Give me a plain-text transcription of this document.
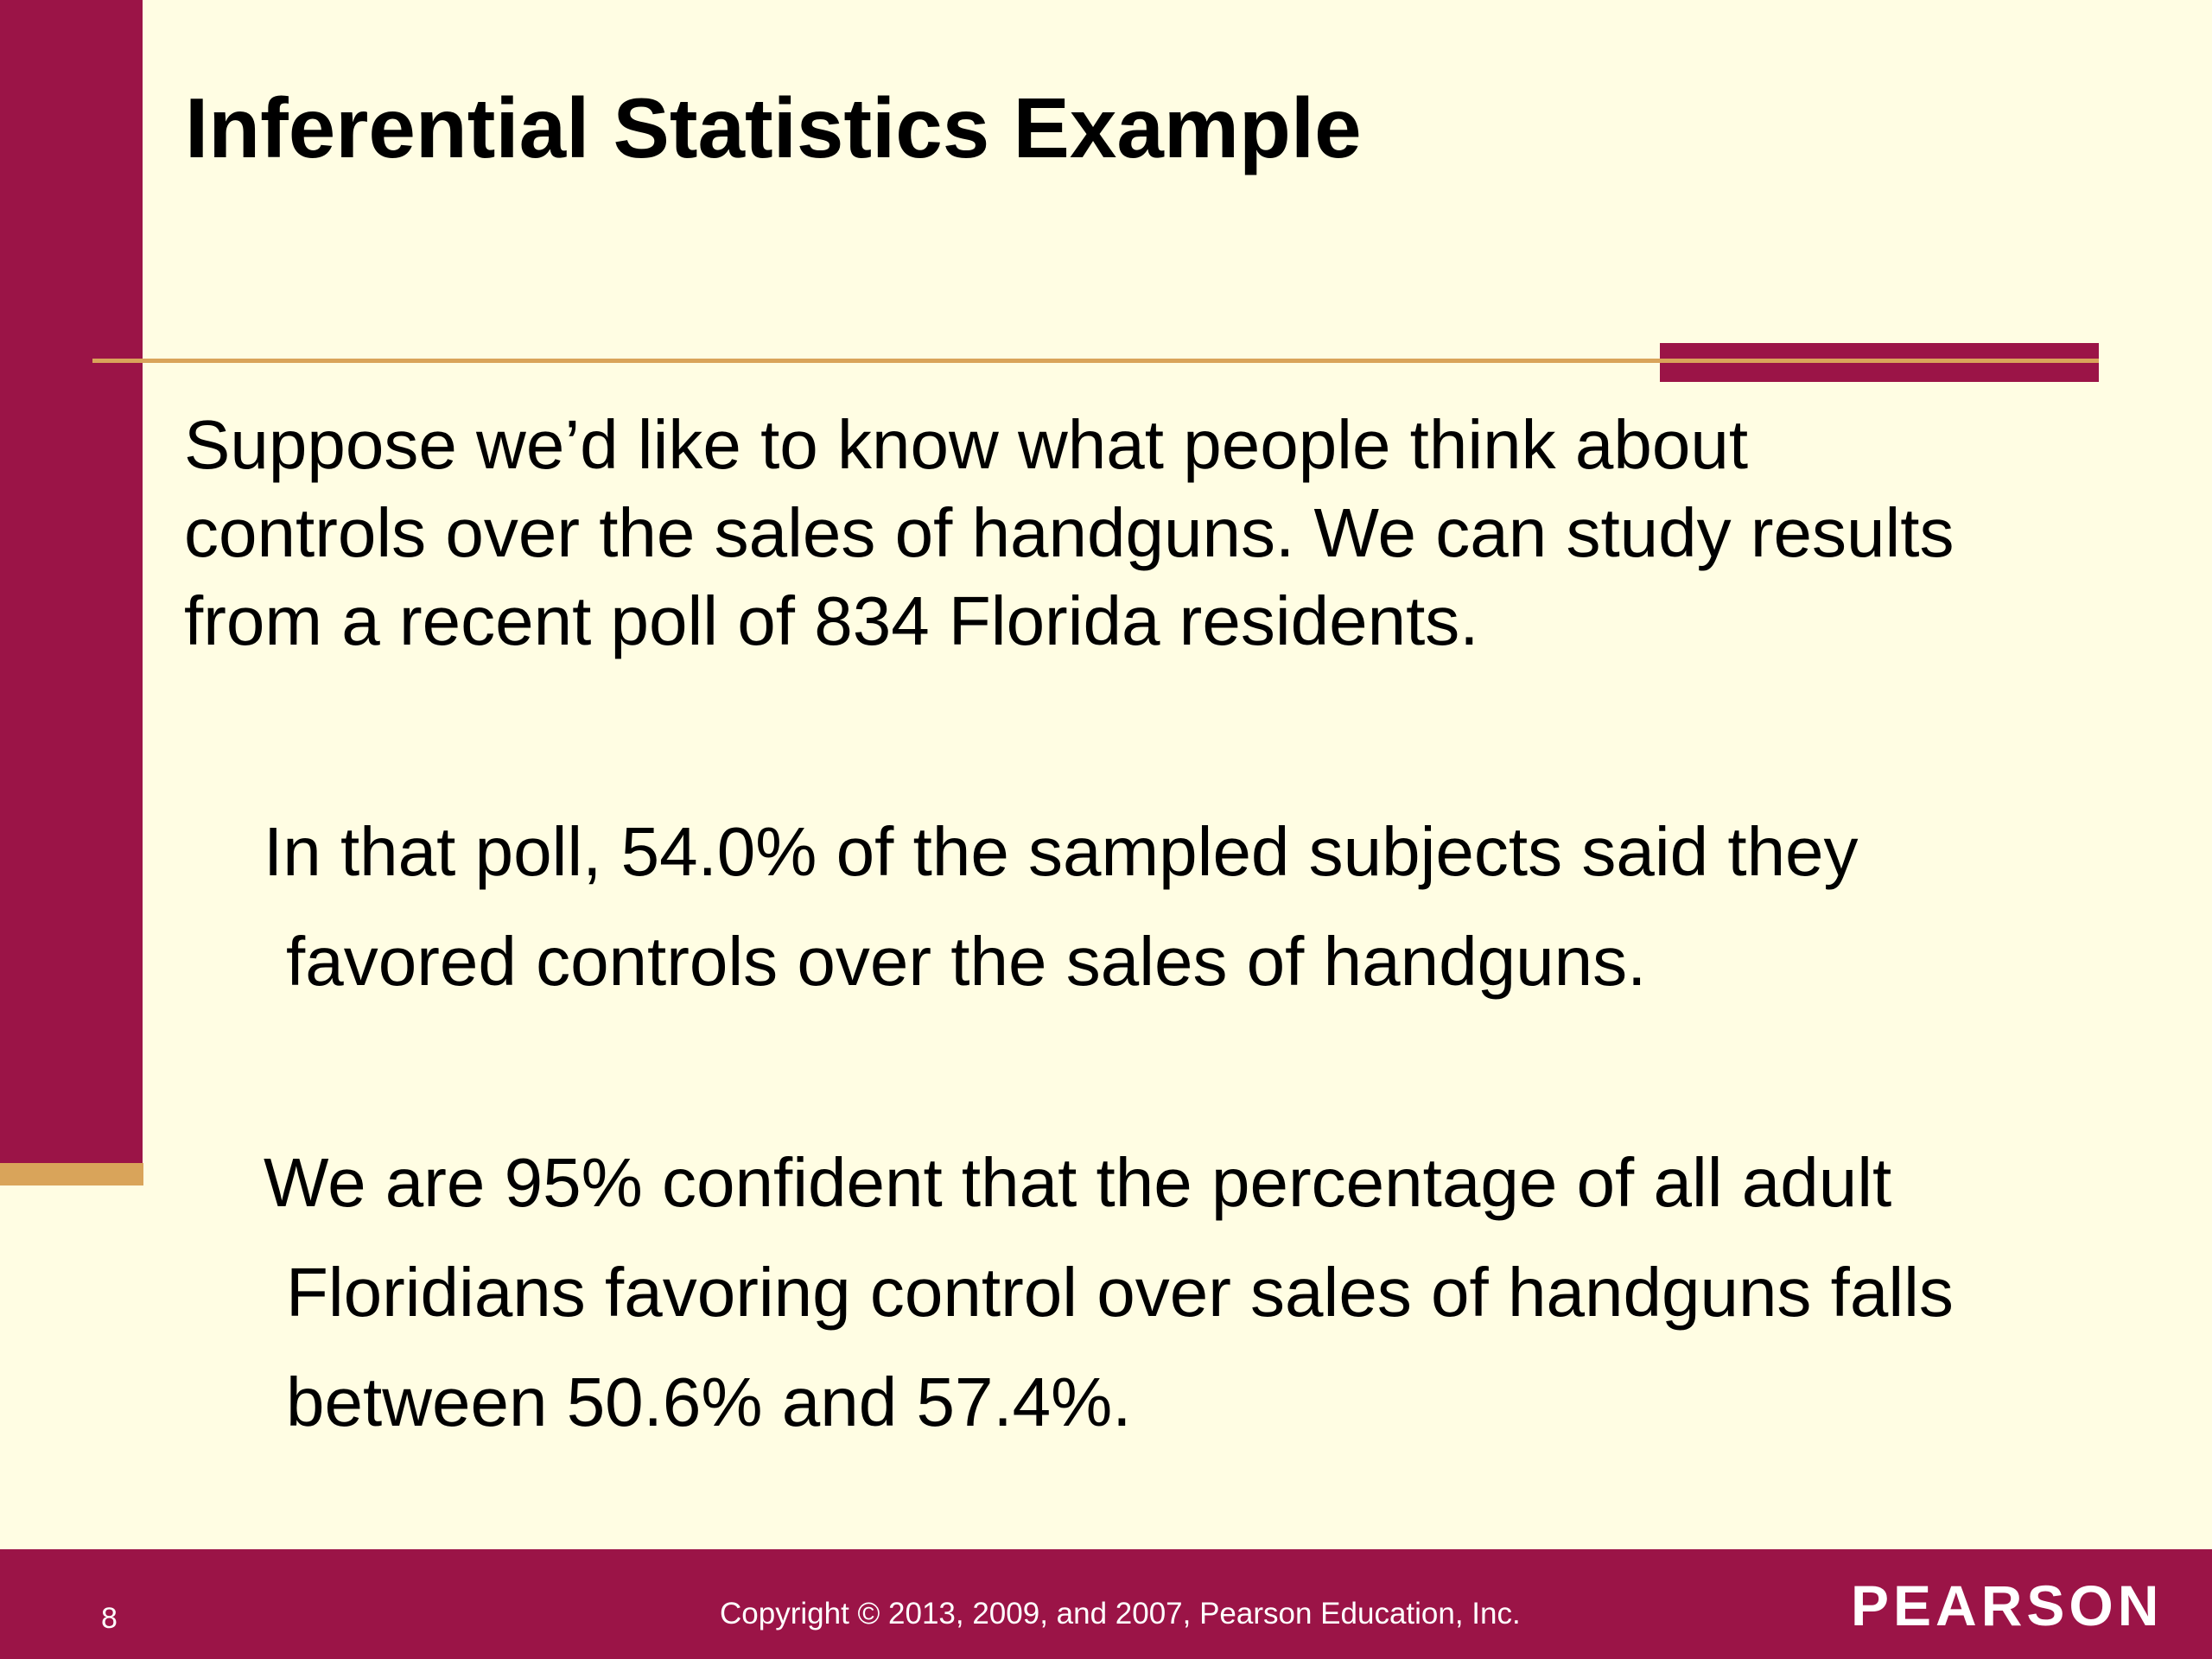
Inferential Statistics Example

Suppose we’d like to know what people think about
controls over the sales of handguns. We can study results
from a recent poll of 834 Florida residents.

In that poll, 54.0% of the sampled subjects said they
favored controls over the sales of handguns.

We are 95% confident that the percentage of all adult
Floridians favoring control over sales of handguns falls
between 50.6% and 57.4%.

8	Copyright © 2013, 2009, and 2007, Pearson Education, Inc.	PEARSON
